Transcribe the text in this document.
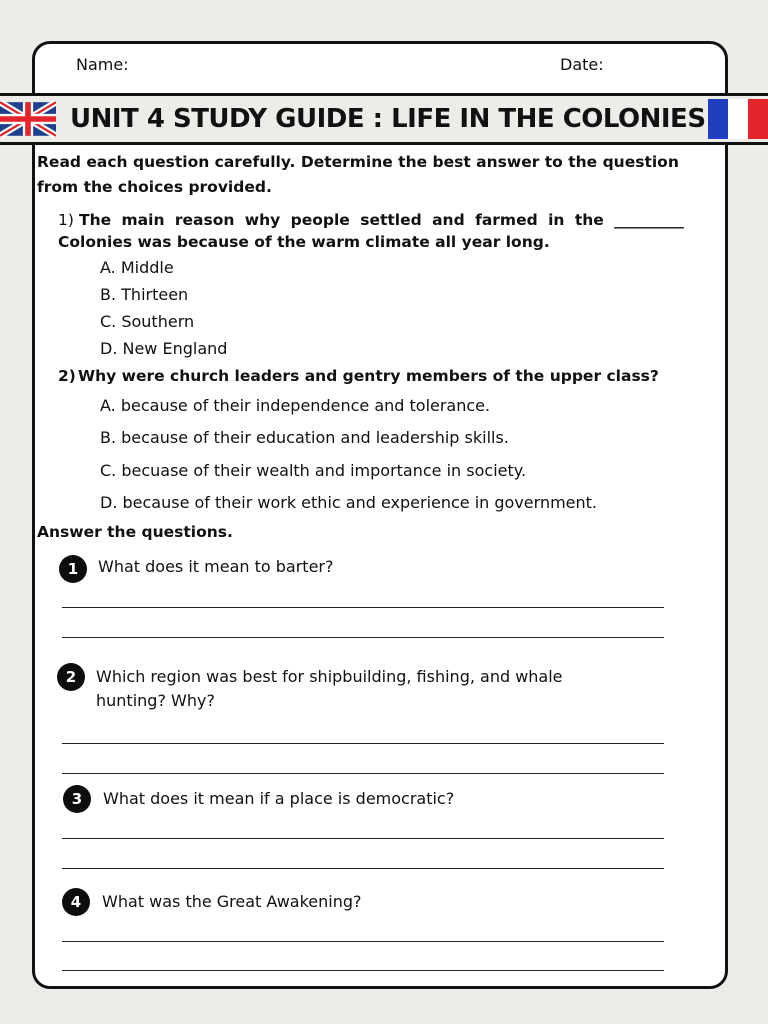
Name:	Date:
UNIT 4 STUDY GUIDE : LIFE IN THE COLONIES
Read each question carefully. Determine the best answer to the question
from the choices provided.
1) The main reason why people settled and farmed in the _________
Colonies was because of the warm climate all year long.
A. Middle
B. Thirteen
C. Southern
D. New England
2) Why were church leaders and gentry members of the upper class?
A. because of their independence and tolerance.
B. because of their education and leadership skills.
C. becuase of their wealth and importance in society.
D. because of their work ethic and experience in government.
Answer the questions.
1	What does it mean to barter?
2	Which region was best for shipbuilding, fishing, and whale
hunting? Why?
3	What does it mean if a place is democratic?
4	What was the Great Awakening?
